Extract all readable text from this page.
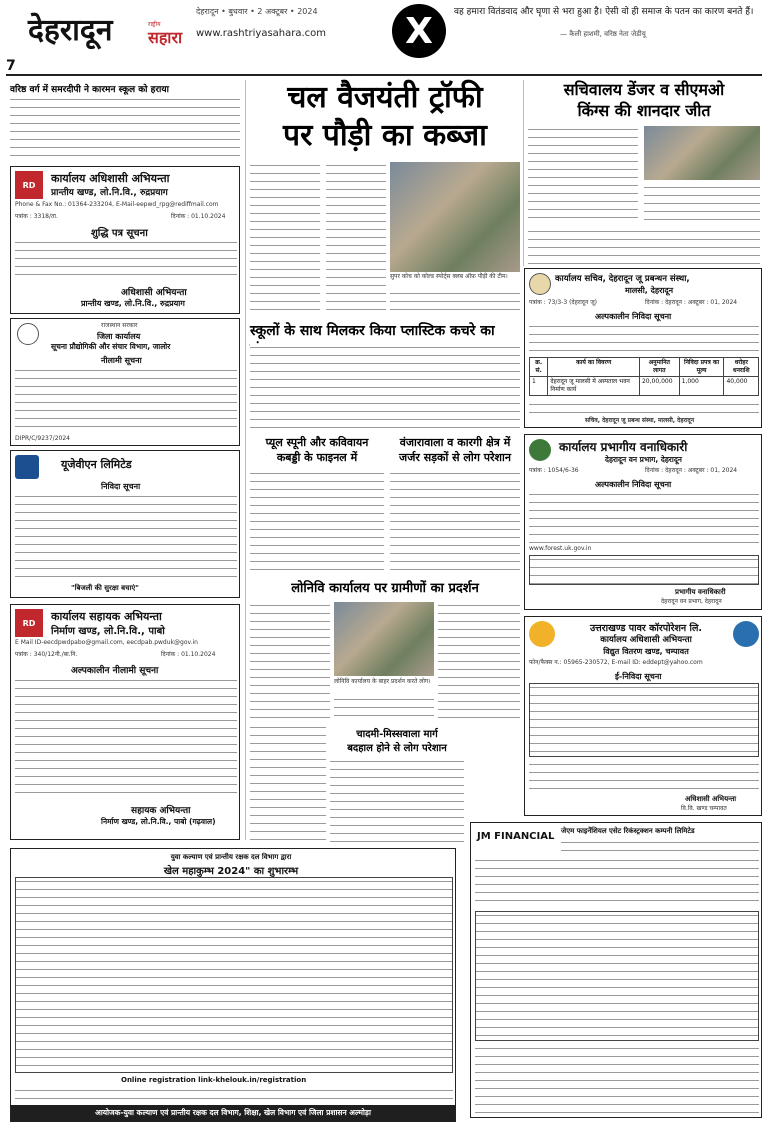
7
देहरादून
देहरादून • बुधवार • 2 अक्टूबर • 2024
राष्ट्रीय
सहारा www.rashtriyasahara.com X वह हमारा वितंडवाद और घृणा से भरा हुआ है। ऐसी वो ही समाज के पतन का कारण बनते हैं।
— कैली हाशमी, वरिष्ठ नेता जेडीयू
वरिष्ठ वर्ग में समरदीपी ने कारमन स्कूल को हराया
RD	कार्यालय अधिशासी अभियन्ता
प्रान्तीय खण्ड, लो.नि.वि., रुद्रप्रयाग
Phone & Fax No.: 01364-233204, E-Mail-eepwd_rpg@rediffmail.com
पत्रांक : 3318/ता.	दिनांक : 01.10.2024
शुद्धि पत्र सूचना
अधिशासी अभियन्ता
प्रान्तीय खण्ड, लो.नि.वि., रुद्रप्रयाग
राजस्थान सरकार
जिला कार्यालय
सूचना प्रौद्योगिकी और संचार विभाग, जालोर
नीलामी सूचना
DIPR/C/9237/2024
यूजेवीएन लिमिटेड
निविदा सूचना
"बिजली की सुरक्षा बचाएं"
RD	कार्यालय सहायक अभियन्ता
निर्माण खण्ड, लो.नि.वि., पाबो
E Mail ID-eecdpwdpabo@gmail.com, eecdpab.pwduk@gov.in
पत्रांक : 340/12नी./बा.नि.	दिनांक : 01.10.2024
अल्पकालीन नीलामी सूचना
सहायक अभियन्ता
निर्माण खण्ड, लो.नि.वि., पाबो (गढ़वाल)
चल वैजयंती ट्रॉफी
पर पौड़ी का कब्जा
सुपर कोच को कोल्ड स्पोर्ट्स क्लब ऑफ़ पौड़ी की टीम।
सचिवालय डेंजर व सीएमओ
किंग्स की शानदार जीत
कार्यालय सचिव, देहरादून जू प्रबन्धन संस्था,
मालसी, देहरादून
पत्रांक : 73/3-3 (देहरादून जू)	दिनांक : देहरादून : अक्टूबर : 01, 2024
अल्पकालीन निविदा सूचना
क्र. सं.	कार्य का विवरण	अनुमानित लागत	निविदा प्रपत्र का मूल्य	धरोहर धनराशि
1	देहरादून जू मालसी में अस्पताल भवन निर्माण कार्य	20,00,000	1,000	40,000
सचिव, देहरादून जू प्रबन्ध संस्था, मालसी, देहरादून
कार्यालय प्रभागीय वनाधिकारी
देहरादून वन प्रभाग, देहरादून
पत्रांक : 1054/6-36	दिनांक : देहरादून : अक्टूबर : 01, 2024
अल्पकालीन निविदा सूचना
www.forest.uk.gov.in
प्रभागीय वनाधिकारी
देहरादून वन प्रभाग, देहरादून
उत्तराखण्ड पावर कॉरपोरेशन लि.
कार्यालय अधिशासी अभियन्ता
विद्युत वितरण खण्ड, चम्पावत
फोन/फैक्स न.: 05965-230572, E-mail ID: eddept@yahoo.com
ई-निविदा सूचना
अधिशासी अभियन्ता
वि.वि. खण्ड चम्पावत
JM FINANCIAL जेएम फाइनेंशियल एसेट रिकंस्ट्रक्शन कम्पनी लिमिटेड
स्कूलों के साथ मिलकर किया प्लास्टिक कचरे का
प्यूल स्पूनी और कविवायन
कबड्डी के फाइनल में
वंजारावाला व कारगी क्षेत्र में
जर्जर सड़कों से लोग परेशान
लोनिवि कार्यालय पर ग्रामीणों का प्रदर्शन
लोनिवि कार्यालय के बाहर प्रदर्शन करते लोग।
युवा कल्याण एवं प्रान्तीय रक्षक दल विभाग द्वारा
खेल महाकुम्भ 2024" का शुभारम्भ
Online registration link-khelouk.in/registration
आयोजक-युवा कल्याण एवं प्रान्तीय रक्षक दल विभाग, शिक्षा, खेल विभाग एवं जिला प्रशासन अल्मोड़ा
चादमी-मिस्सवाला मार्ग
बदहाल होने से लोग परेशान
